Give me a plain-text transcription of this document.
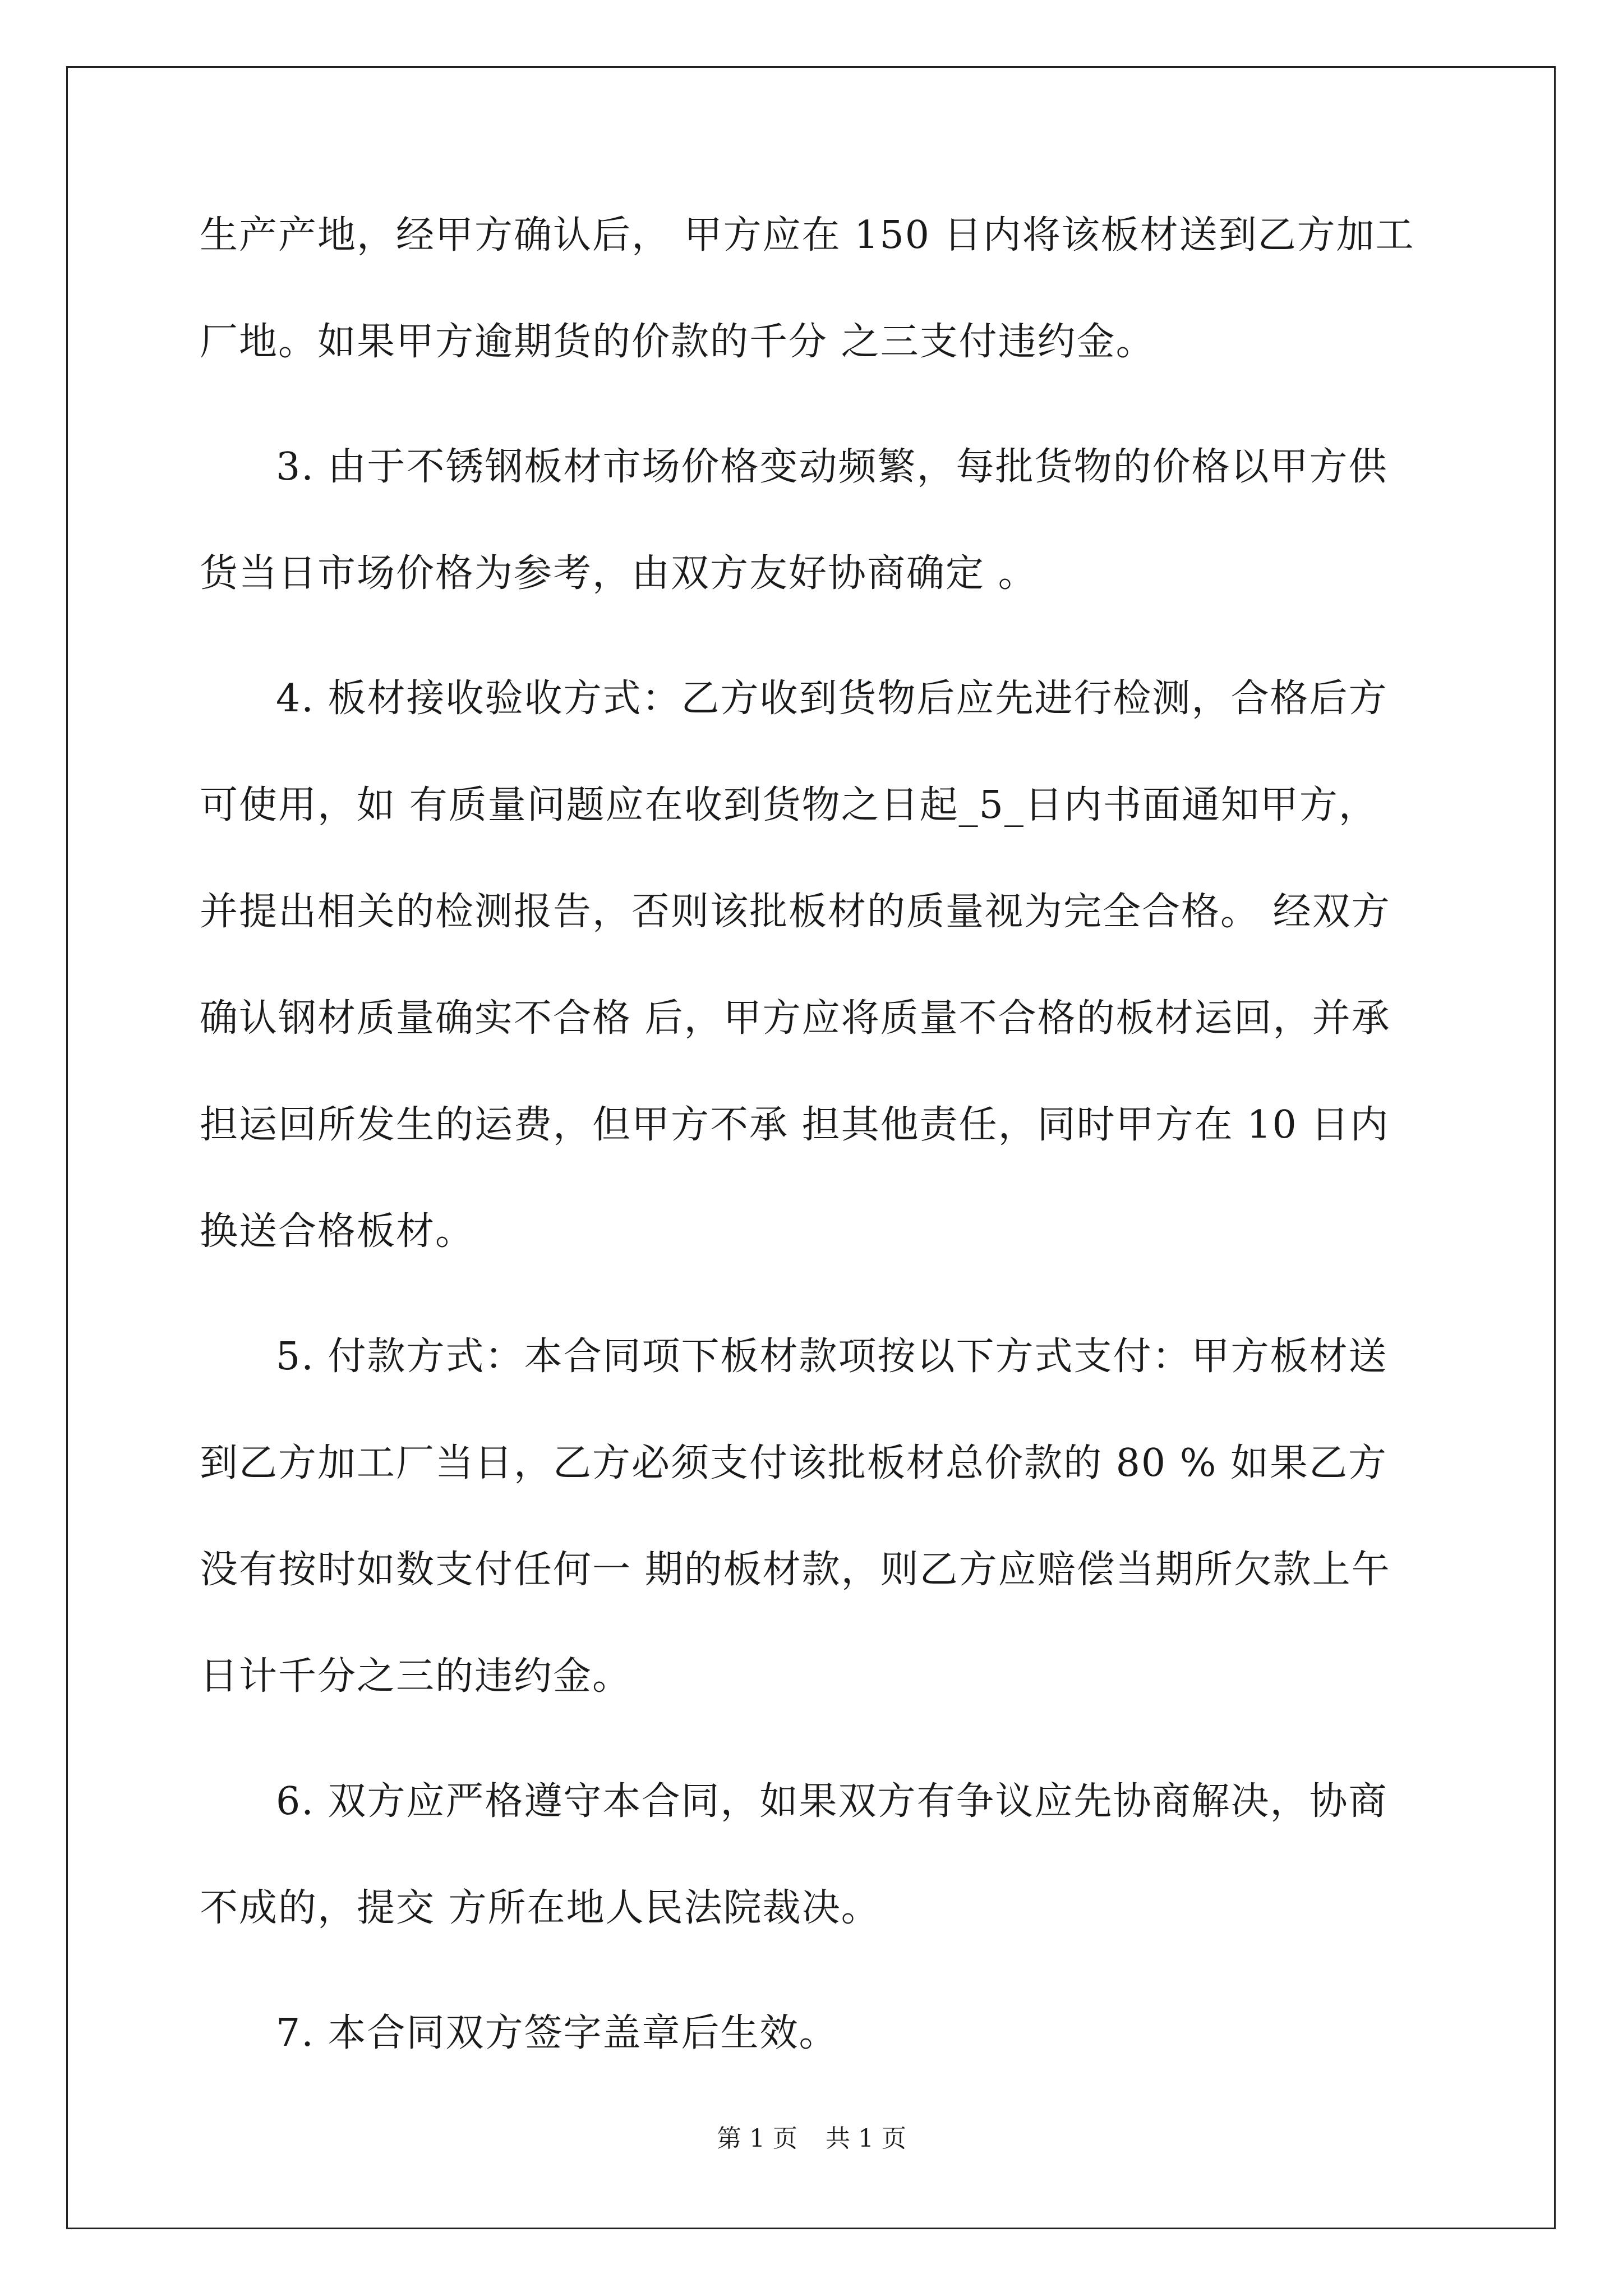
生产产地，经甲方确认后， 甲方应在 150 日内将该板材送到乙方加工
厂地。如果甲方逾期货的价款的千分 之三支付违约金。
3. 由于不锈钢板材市场价格变动频繁，每批货物的价格以甲方供
货当日市场价格为参考，由双方友好协商确定 。
4. 板材接收验收方式：乙方收到货物后应先进行检测，合格后方
可使用，如 有质量问题应在收到货物之日起_5_日内书面通知甲方，
并提出相关的检测报告，否则该批板材的质量视为完全合格。 经双方
确认钢材质量确实不合格 后，甲方应将质量不合格的板材运回，并承
担运回所发生的运费，但甲方不承 担其他责任，同时甲方在 10 日内
换送合格板材。
5. 付款方式：本合同项下板材款项按以下方式支付：甲方板材送
到乙方加工厂当日，乙方必须支付该批板材总价款的 80 % 如果乙方
没有按时如数支付任何一 期的板材款，则乙方应赔偿当期所欠款上午
日计千分之三的违约金。
6. 双方应严格遵守本合同，如果双方有争议应先协商解决，协商
不成的，提交 方所在地人民法院裁决。
7. 本合同双方签字盖章后生效。
第 1 页 共 1 页
